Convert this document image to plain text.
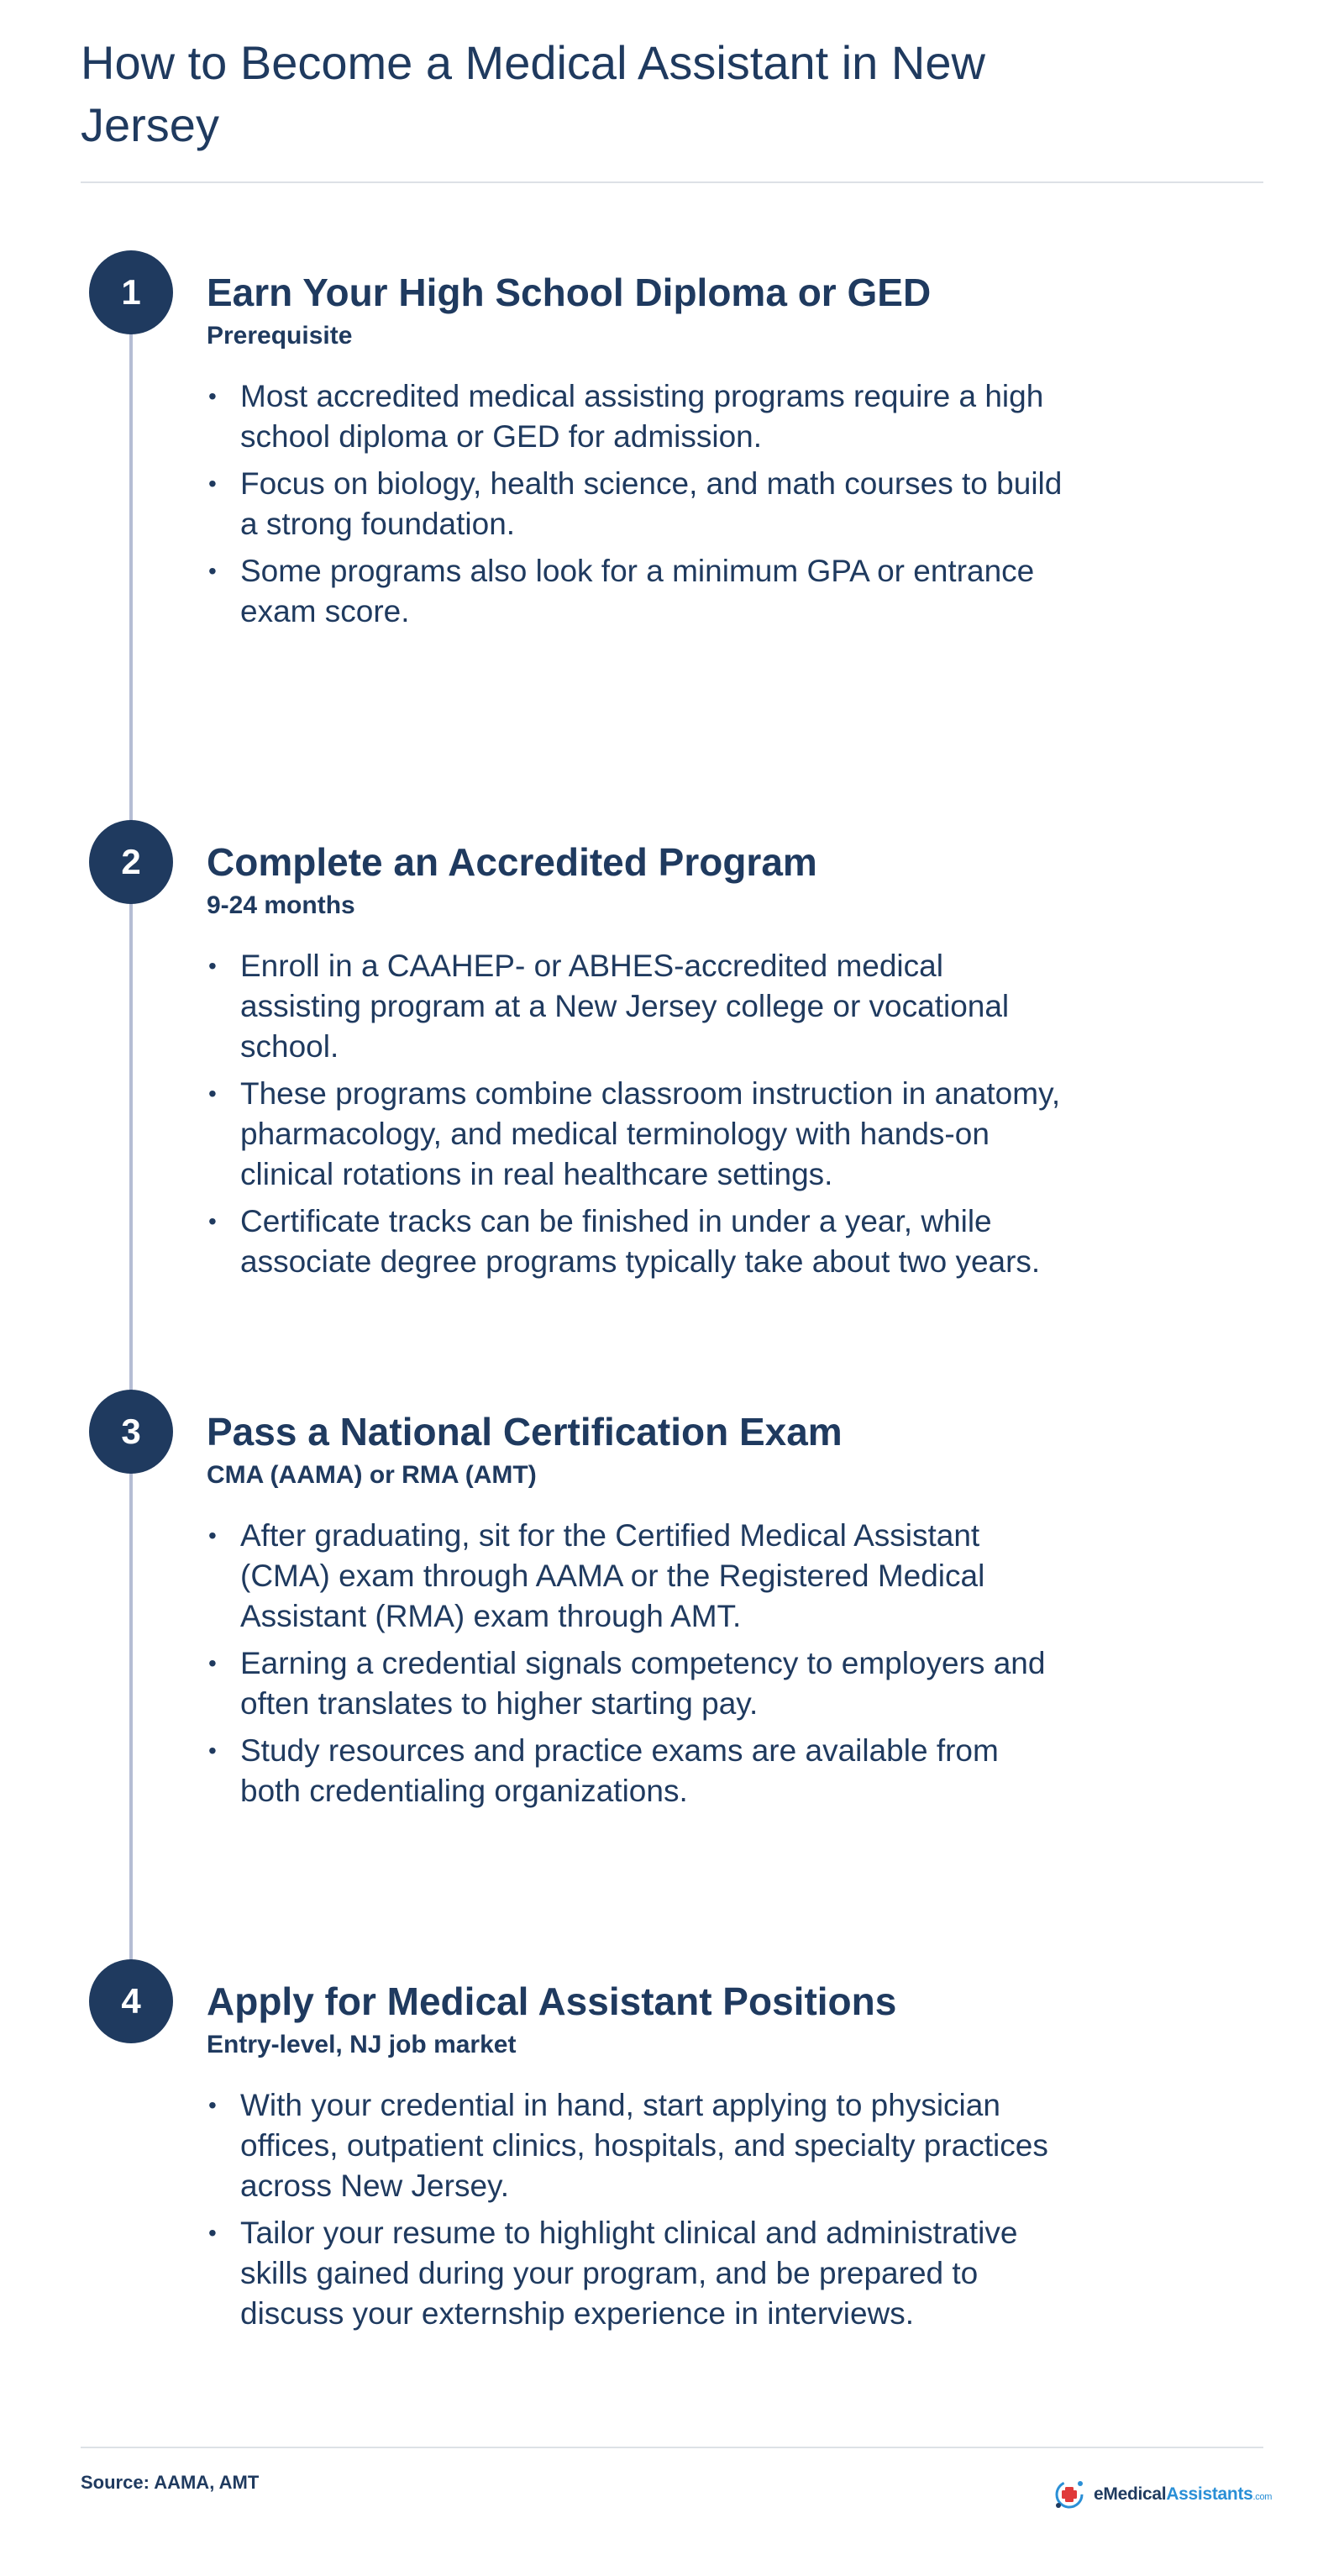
How to Become a Medical Assistant in New Jersey
1	Earn Your High School Diploma or GED
Prerequisite
• Most accredited medical assisting programs require a high school diploma or GED for admission.
• Focus on biology, health science, and math courses to build a strong foundation.
• Some programs also look for a minimum GPA or entrance exam score.
2	Complete an Accredited Program
9-24 months
• Enroll in a CAAHEP- or ABHES-accredited medical assisting program at a New Jersey college or vocational school.
• These programs combine classroom instruction in anatomy, pharmacology, and medical terminology with hands-on clinical rotations in real healthcare settings.
• Certificate tracks can be finished in under a year, while associate degree programs typically take about two years.
3	Pass a National Certification Exam
CMA (AAMA) or RMA (AMT)
• After graduating, sit for the Certified Medical Assistant (CMA) exam through AAMA or the Registered Medical Assistant (RMA) exam through AMT.
• Earning a credential signals competency to employers and often translates to higher starting pay.
• Study resources and practice exams are available from both credentialing organizations.
4	Apply for Medical Assistant Positions
Entry-level, NJ job market
• With your credential in hand, start applying to physician offices, outpatient clinics, hospitals, and specialty practices across New Jersey.
• Tailor your resume to highlight clinical and administrative skills gained during your program, and be prepared to discuss your externship experience in interviews.
Source: AAMA, AMT
eMedicalAssistants.com
